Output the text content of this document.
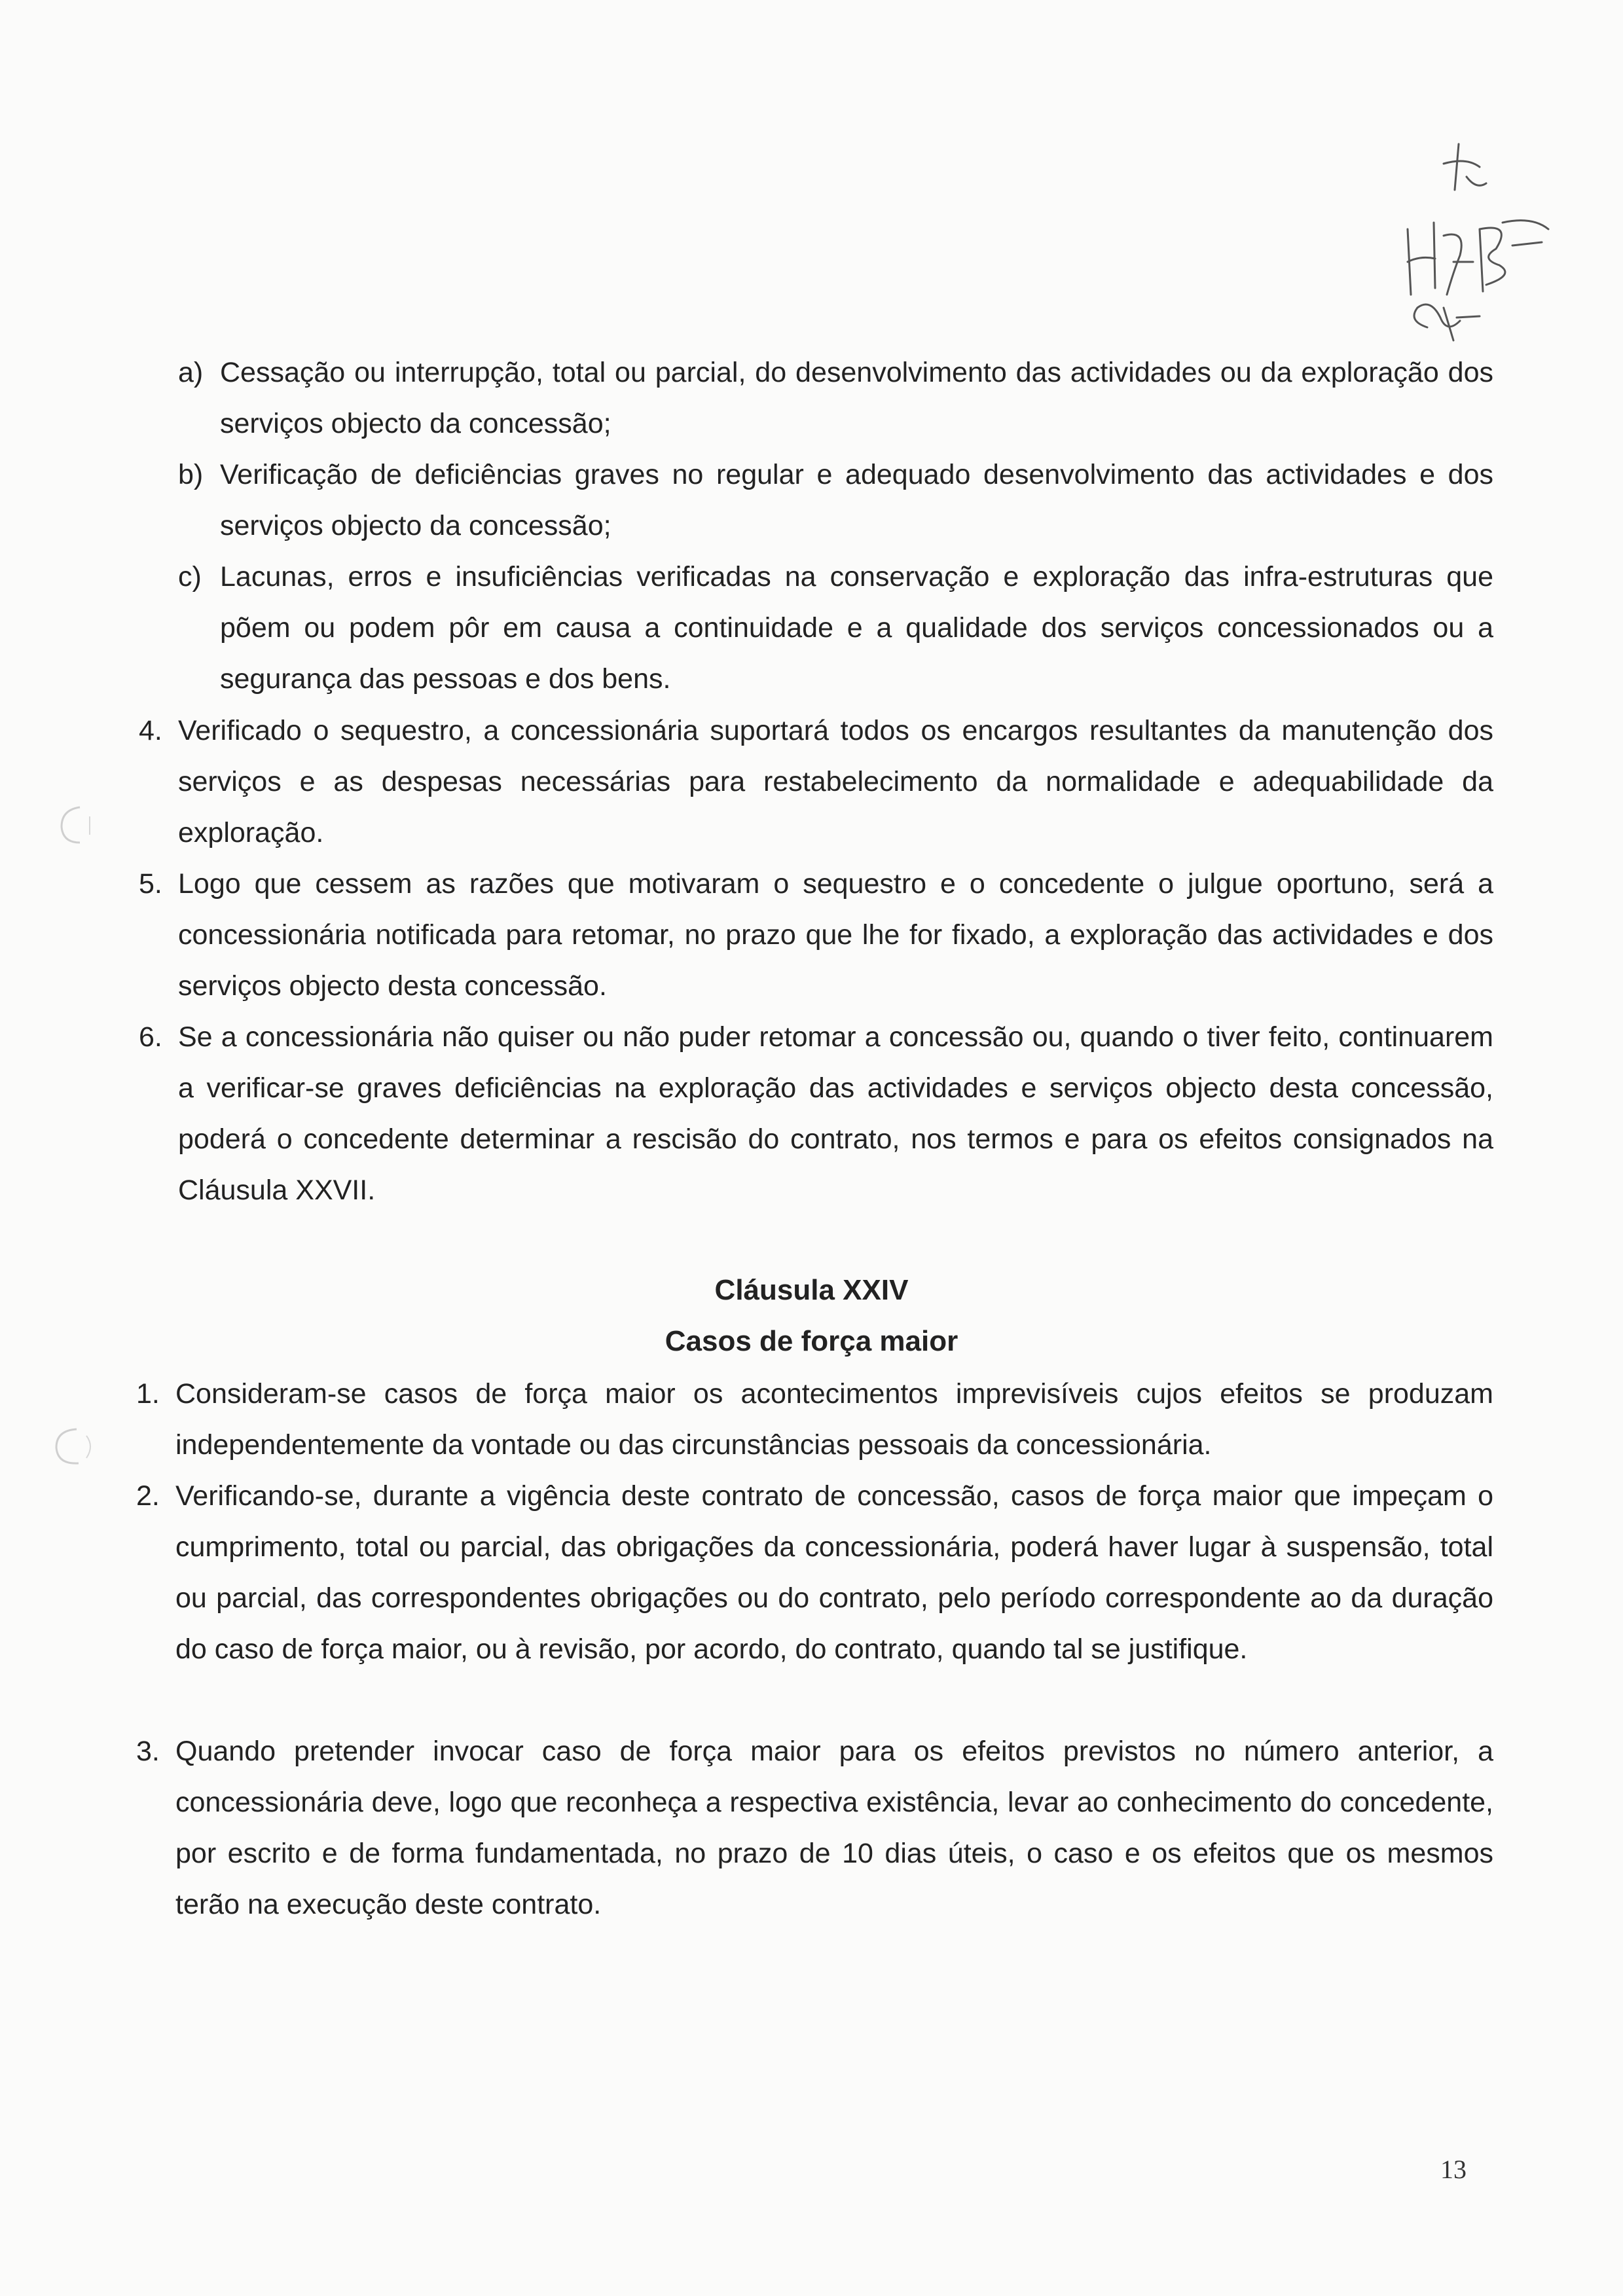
a) Cessação ou interrupção, total ou parcial, do desenvolvimento das actividades ou da exploração dos serviços objecto da concessão;
b) Verificação de deficiências graves no regular e adequado desenvolvimento das actividades e dos serviços objecto da concessão;
c) Lacunas, erros e insuficiências verificadas na conservação e exploração das infra-estruturas que põem ou podem pôr em causa a continuidade e a qualidade dos serviços concessionados ou a segurança das pessoas e dos bens.
4. Verificado o sequestro, a concessionária suportará todos os encargos resultantes da manutenção dos serviços e as despesas necessárias para restabelecimento da normalidade e adequabilidade da exploração.
5. Logo que cessem as razões que motivaram o sequestro e o concedente o julgue oportuno, será a concessionária notificada para retomar, no prazo que lhe for fixado, a exploração das actividades e dos serviços objecto desta concessão.
6. Se a concessionária não quiser ou não puder retomar a concessão ou, quando o tiver feito, continuarem a verificar-se graves deficiências na exploração das actividades e serviços objecto desta concessão, poderá o concedente determinar a rescisão do contrato, nos termos e para os efeitos consignados na Cláusula XXVII.
Cláusula XXIV
Casos de força maior
1. Consideram-se casos de força maior os acontecimentos imprevisíveis cujos efeitos se produzam independentemente da vontade ou das circunstâncias pessoais da concessionária.
2. Verificando-se, durante a vigência deste contrato de concessão, casos de força maior que impeçam o cumprimento, total ou parcial, das obrigações da concessionária, poderá haver lugar à suspensão, total ou parcial, das correspondentes obrigações ou do contrato, pelo período correspondente ao da duração do caso de força maior, ou à revisão, por acordo, do contrato, quando tal se justifique.
3. Quando pretender invocar caso de força maior para os efeitos previstos no número anterior, a concessionária deve, logo que reconheça a respectiva existência, levar ao conhecimento do concedente, por escrito e de forma fundamentada, no prazo de 10 dias úteis, o caso e os efeitos que os mesmos terão na execução deste contrato.
13
